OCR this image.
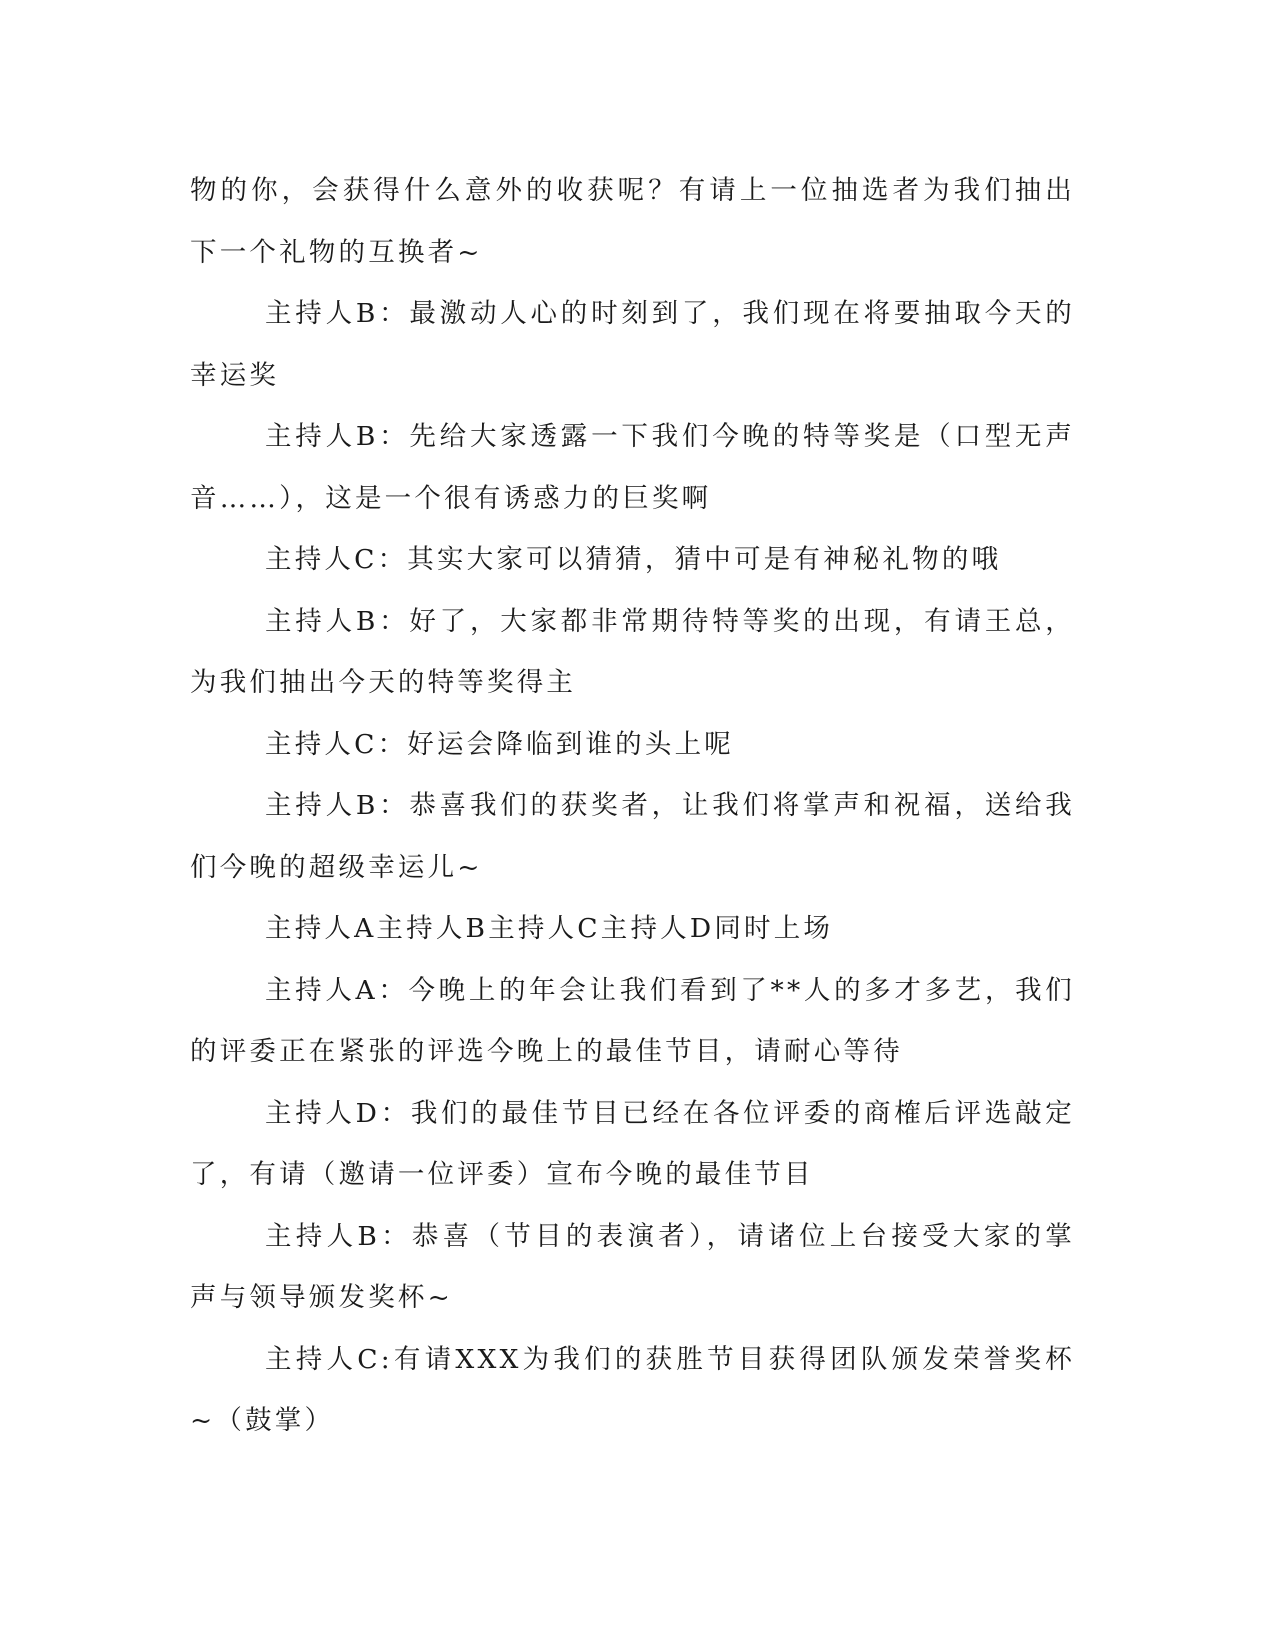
物的你，会获得什么意外的收获呢？有请上一位抽选者为我们抽出下一个礼物的互换者~

主持人B：最激动人心的时刻到了，我们现在将要抽取今天的幸运奖

主持人B：先给大家透露一下我们今晚的特等奖是（口型无声音……），这是一个很有诱惑力的巨奖啊

主持人C：其实大家可以猜猜，猜中可是有神秘礼物的哦

主持人B：好了，大家都非常期待特等奖的出现，有请王总，为我们抽出今天的特等奖得主

主持人C：好运会降临到谁的头上呢

主持人B：恭喜我们的获奖者，让我们将掌声和祝福，送给我们今晚的超级幸运儿~

主持人A主持人B主持人C主持人D同时上场

主持人A：今晚上的年会让我们看到了**人的多才多艺，我们的评委正在紧张的评选今晚上的最佳节目，请耐心等待

主持人D：我们的最佳节目已经在各位评委的商榷后评选敲定了，有请（邀请一位评委）宣布今晚的最佳节目

主持人B：恭喜（节目的表演者），请诸位上台接受大家的掌声与领导颁发奖杯~

主持人C:有请XXX为我们的获胜节目获得团队颁发荣誉奖杯~（鼓掌）
